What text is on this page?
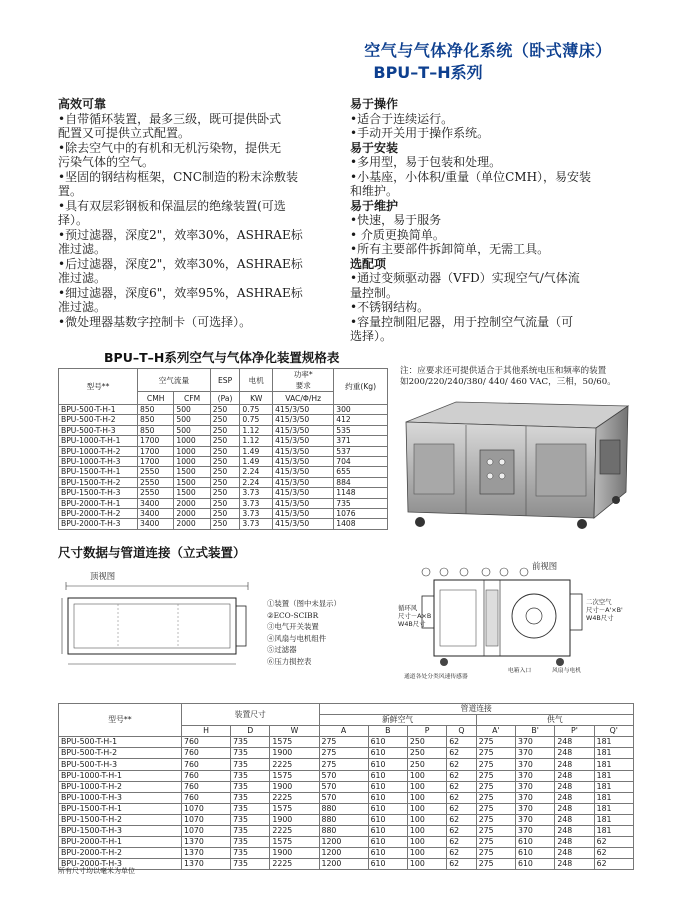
空气与气体净化系统（卧式薄床）
BPU–T–H系列

高效可靠

•自带循环装置，最多三级，既可提供卧式

配置又可提供立式配置。

•除去空气中的有机和无机污染物，提供无

污染气体的空气。

•坚固的钢结构框架，CNC制造的粉末涂敷装

置。

•具有双层彩钢板和保温层的绝缘装置(可选

择）。

•预过滤器，深度2"，效率30%，ASHRAE标

准过滤。

•后过滤器，深度2"，效率30%，ASHRAE标

准过滤。

•细过滤器，深度6"，效率95%，ASHRAE标

准过滤。

•微处理器基数字控制卡（可选择）。

易于操作

•适合于连续运行。

•手动开关用于操作系统。

易于安装

•多用型，易于包装和处理。

•小基座，小体积/重量（单位CMH），易安装

和维护。

易于维护

•快速，易于服务

• 介质更换简单。

•所有主要部件拆卸简单，无需工具。

选配项

•通过变频驱动器（VFD）实现空气/气体流

量控制。

•不锈钢结构。

•容量控制阻尼器，用于控制空气流量（可

选择）。

BPU–T–H系列空气与气体净化装置规格表
型号**	空气流量		ESP	电机	功率*
要求	约重(Kg)
	CMH	CFM	(Pa)	KW	VAC/Φ/Hz	
BPU-500-T-H-1	850	500	250	0.75	415/3/50	300
BPU-500-T-H-2	850	500	250	0.75	415/3/50	412
BPU-500-T-H-3	850	500	250	1.12	415/3/50	535
BPU-1000-T-H-1	1700	1000	250	1.12	415/3/50	371
BPU-1000-T-H-2	1700	1000	250	1.49	415/3/50	537
BPU-1000-T-H-3	1700	1000	250	1.49	415/3/50	704
BPU-1500-T-H-1	2550	1500	250	2.24	415/3/50	655
BPU-1500-T-H-2	2550	1500	250	2.24	415/3/50	884
BPU-1500-T-H-3	2550	1500	250	3.73	415/3/50	1148
BPU-2000-T-H-1	3400	2000	250	3.73	415/3/50	735
BPU-2000-T-H-2	3400	2000	250	3.73	415/3/50	1076
BPU-2000-T-H-3	3400	2000	250	3.73	415/3/50	1408
注：应要求还可提供适合于其他系统电压和频率的装置
如200/220/240/380/ 440/ 460 VAC，三相，50/60。
尺寸数据与管道连接（立式装置）
顶视图
前视图
①装置（图中未显示）
②ECO-SCIBR
③电气开关装置
④风扇与电机组件
⑤过滤器
⑥压力损控表
循环风
尺寸－A×B
W4B尺寸
二次空气
尺寸－A'×B'
W4B尺寸
通道各处分类风速传感器
电箱入口	风扇与电机
型号**	装置尺寸			管道连接							
				新鲜空气				供气			
	H	D	W	A	B	P	Q	A'	B'	P'	Q'
BPU-500-T-H-1	760	735	1575	275	610	250	62	275	370	248	181
BPU-500-T-H-2	760	735	1900	275	610	250	62	275	370	248	181
BPU-500-T-H-3	760	735	2225	275	610	250	62	275	370	248	181
BPU-1000-T-H-1	760	735	1575	570	610	100	62	275	370	248	181
BPU-1000-T-H-2	760	735	1900	570	610	100	62	275	370	248	181
BPU-1000-T-H-3	760	735	2225	570	610	100	62	275	370	248	181
BPU-1500-T-H-1	1070	735	1575	880	610	100	62	275	370	248	181
BPU-1500-T-H-2	1070	735	1900	880	610	100	62	275	370	248	181
BPU-1500-T-H-3	1070	735	2225	880	610	100	62	275	370	248	181
BPU-2000-T-H-1	1370	735	1575	1200	610	100	62	275	610	248	62
BPU-2000-T-H-2	1370	735	1900	1200	610	100	62	275	610	248	62
BPU-2000-T-H-3	1370	735	2225	1200	610	100	62	275	610	248	62
所有尺寸均以毫米为单位
